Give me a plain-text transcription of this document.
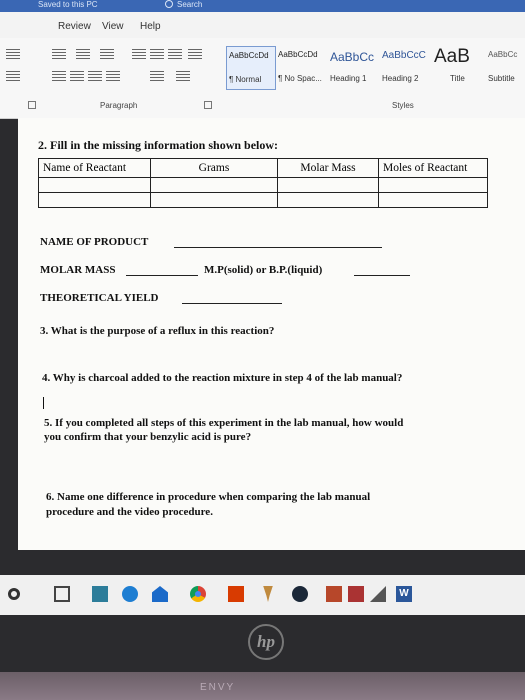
Saved to this PC	Search
Review View Help
AaBbCcDd
¶ Normal
AaBbCcDd
¶ No Spac...
AaBbCc
Heading 1
AaBbCcC
Heading 2
AaB
Title
AaBbCc
Subtitle
Paragraph	Styles
2. Fill in the missing information shown below:
Name of Reactant	Grams	Molar Mass	Moles of Reactant

NAME OF PRODUCT
MOLAR MASS	M.P(solid) or B.P.(liquid)
THEORETICAL YIELD
3. What is the purpose of a reflux in this reaction?
4. Why is charcoal added to the reaction mixture in step 4 of the lab manual?
5. If you completed all steps of this experiment in the lab manual, how would
you confirm that your benzylic acid is pure?
6. Name one difference in procedure when comparing the lab manual
procedure and the video procedure.
W
hp
ENVY
